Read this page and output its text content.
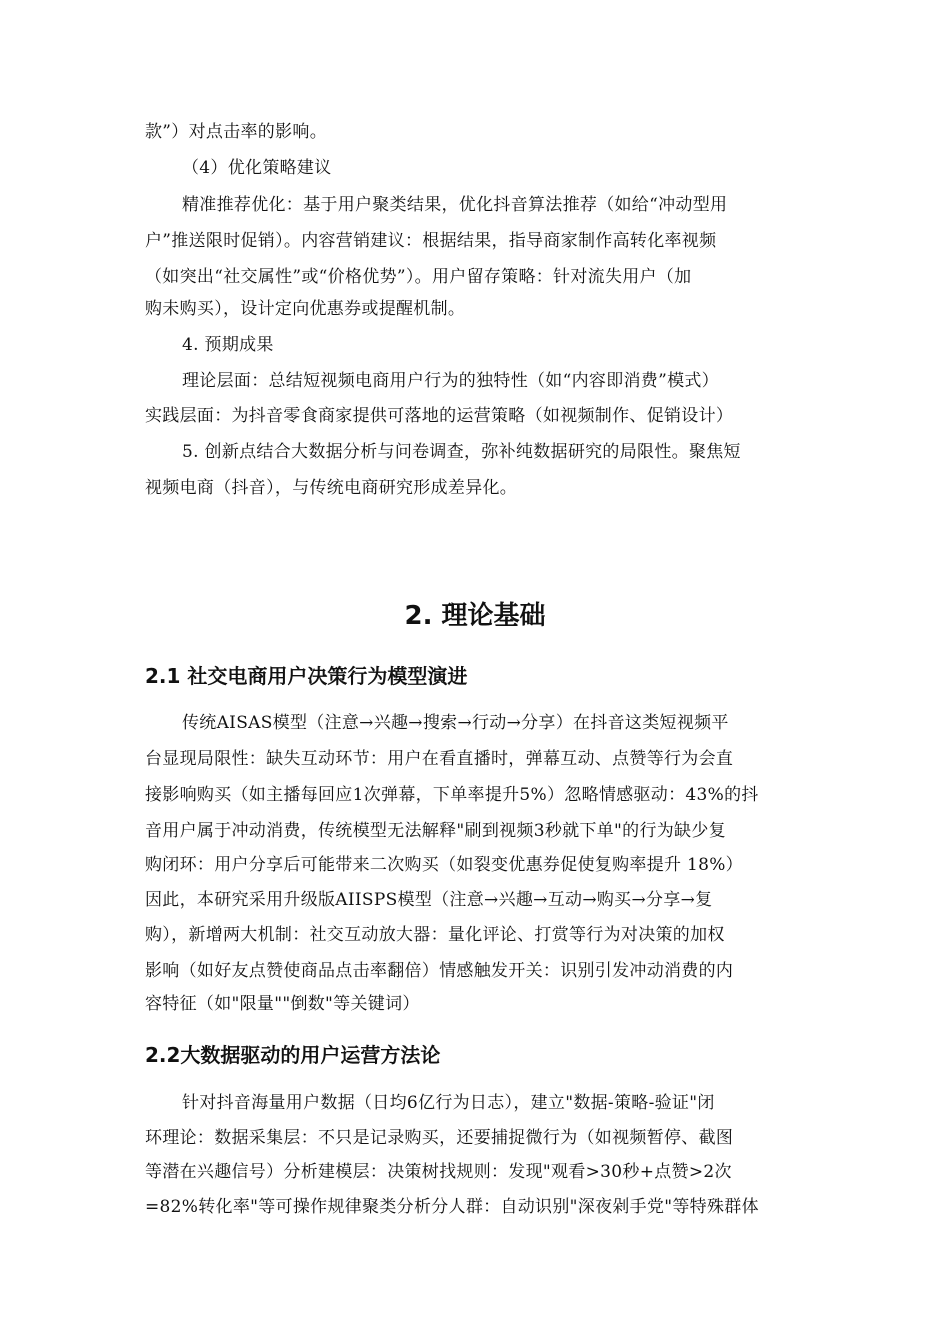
款”）对点击率的影响。
（4）优化策略建议
精准推荐优化：基于用户聚类结果，优化抖音算法推荐（如给“冲动型用
户”推送限时促销）。内容营销建议：根据结果，指导商家制作高转化率视频
（如突出“社交属性”或“价格优势”）。用户留存策略：针对流失用户（加
购未购买），设计定向优惠券或提醒机制。
4. 预期成果
理论层面：总结短视频电商用户行为的独特性（如“内容即消费”模式）
实践层面：为抖音零食商家提供可落地的运营策略（如视频制作、促销设计）
5. 创新点结合大数据分析与问卷调查，弥补纯数据研究的局限性。聚焦短
视频电商（抖音），与传统电商研究形成差异化。
2. 理论基础
2.1 社交电商用户决策行为模型演进
传统AISAS模型（注意→兴趣→搜索→行动→分享）在抖音这类短视频平
台显现局限性：缺失互动环节：用户在看直播时，弹幕互动、点赞等行为会直
接影响购买（如主播每回应1次弹幕，下单率提升5%）忽略情感驱动：43%的抖
音用户属于冲动消费，传统模型无法解释"刷到视频3秒就下单"的行为缺少复
购闭环：用户分享后可能带来二次购买（如裂变优惠券促使复购率提升 18%）
因此，本研究采用升级版AIISPS模型（注意→兴趣→互动→购买→分享→复
购），新增两大机制：社交互动放大器：量化评论、打赏等行为对决策的加权
影响（如好友点赞使商品点击率翻倍）情感触发开关：识别引发冲动消费的内
容特征（如"限量""倒数"等关键词）
2.2大数据驱动的用户运营方法论
针对抖音海量用户数据（日均6亿行为日志），建立"数据-策略-验证"闭
环理论：数据采集层：不只是记录购买，还要捕捉微行为（如视频暂停、截图
等潜在兴趣信号）分析建模层：决策树找规则：发现"观看>30秒+点赞>2次
=82%转化率"等可操作规律聚类分析分人群：自动识别"深夜剁手党"等特殊群体
